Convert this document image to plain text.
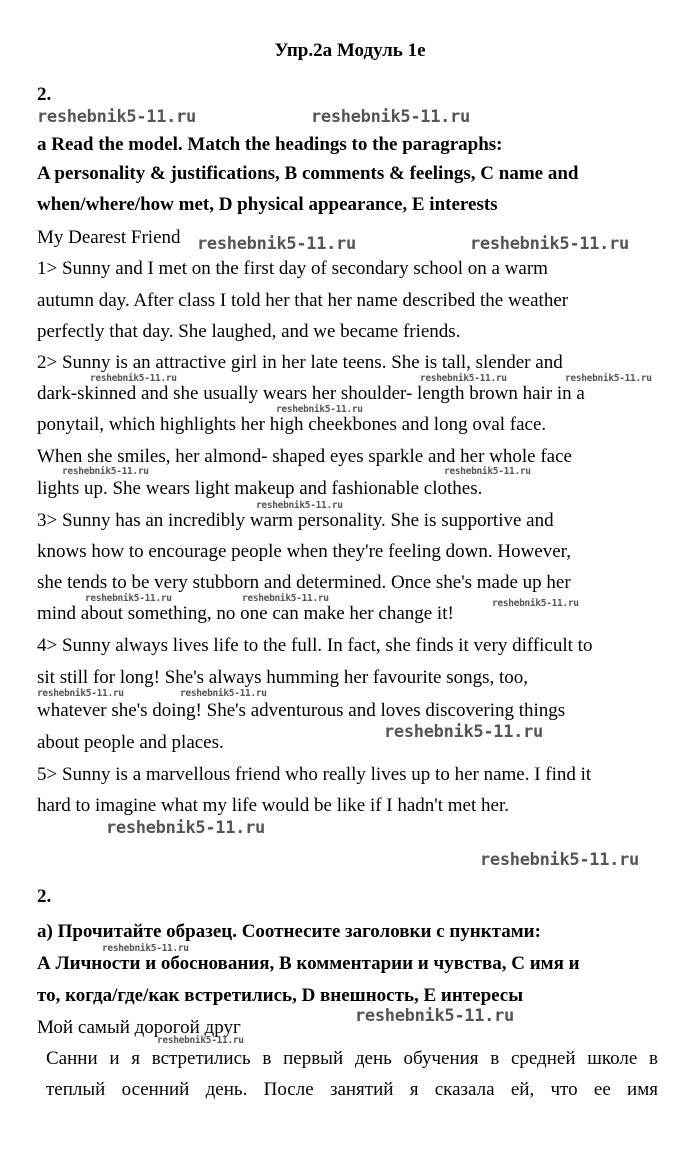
Упр.2а Модуль 1е
2.
a Read the model. Match the headings to the paragraphs:
A personality & justifications, B comments & feelings, C name and
when/where/how met, D physical appearance, E interests
My Dearest Friend
1> Sunny and I met on the first day of secondary school on a warm
autumn day. After class I told her that her name described the weather
perfectly that day. She laughed, and we became friends.
2> Sunny is an attractive girl in her late teens. She is tall, slender and
dark-skinned and she usually wears her shoulder- length brown hair in a
ponytail, which highlights her high cheekbones and long oval face.
When she smiles, her almond- shaped eyes sparkle and her whole face
lights up. She wears light makeup and fashionable clothes.
3> Sunny has an incredibly warm personality. She is supportive and
knows how to encourage people when they're feeling down. However,
she tends to be very stubborn and determined. Once she's made up her
mind about something, no one can make her change it!
4> Sunny always lives life to the full. In fact, she finds it very difficult to
sit still for long! She's always humming her favourite songs, too,
whatever she's doing! She's adventurous and loves discovering things
about people and places.
5> Sunny is a marvellous friend who really lives up to her name. I find it
hard to imagine what my life would be like if I hadn't met her.
2.
а) Прочитайте образец. Соотнесите заголовки с пунктами:
А Личности и обоснования, В комментарии и чувства, С имя и
то, когда/где/как встретились, D внешность, Е интересы
Мой самый дорогой друг
Санни и я встретились в первый день обучения в средней школе в
теплый осенний день. После занятий я сказала ей, что ее имя
reshebnik5-11.ru	reshebnik5-11.ru
reshebnik5-11.ru	reshebnik5-11.ru
reshebnik5-11.ru
reshebnik5-11.ru
reshebnik5-11.ru
reshebnik5-11.ru
reshebnik5-11.ru	reshebnik5-11.ru	reshebnik5-11.ru
reshebnik5-11.ru
reshebnik5-11.ru	reshebnik5-11.ru
reshebnik5-11.ru
reshebnik5-11.ru	reshebnik5-11.ru	reshebnik5-11.ru
reshebnik5-11.ru	reshebnik5-11.ru
reshebnik5-11.ru
reshebnik5-11.ru
